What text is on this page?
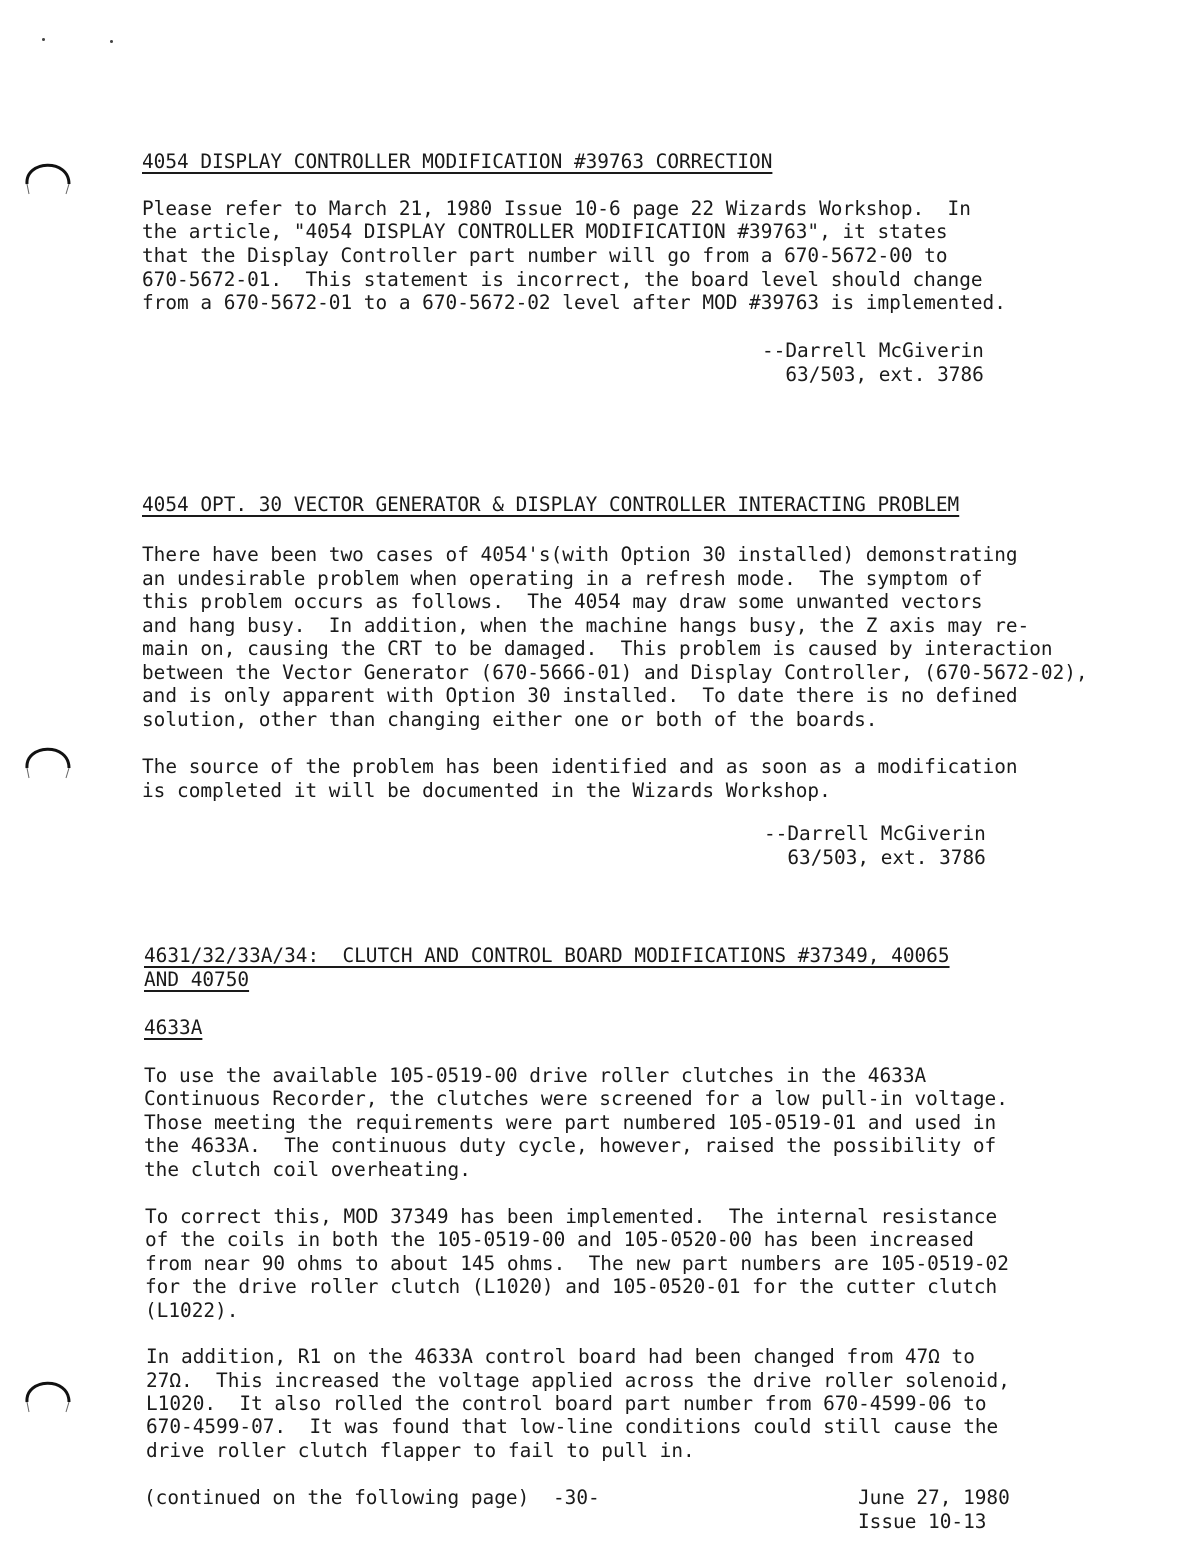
4054 DISPLAY CONTROLLER MODIFICATION #39763 CORRECTION
Please refer to March 21, 1980 Issue 10-6 page 22 Wizards Workshop.  In
the article, "4054 DISPLAY CONTROLLER MODIFICATION #39763", it states
that the Display Controller part number will go from a 670-5672-00 to
670-5672-01.  This statement is incorrect, the board level should change
from a 670-5672-01 to a 670-5672-02 level after MOD #39763 is implemented.
--Darrell McGiverin
63/503, ext. 3786
4054 OPT. 30 VECTOR GENERATOR & DISPLAY CONTROLLER INTERACTING PROBLEM
There have been two cases of 4054's(with Option 30 installed) demonstrating
an undesirable problem when operating in a refresh mode.  The symptom of
this problem occurs as follows.  The 4054 may draw some unwanted vectors
and hang busy.  In addition, when the machine hangs busy, the Z axis may re-
main on, causing the CRT to be damaged.  This problem is caused by interaction
between the Vector Generator (670-5666-01) and Display Controller, (670-5672-02),
and is only apparent with Option 30 installed.  To date there is no defined
solution, other than changing either one or both of the boards.
The source of the problem has been identified and as soon as a modification
is completed it will be documented in the Wizards Workshop.
--Darrell McGiverin
63/503, ext. 3786
4631/32/33A/34:  CLUTCH AND CONTROL BOARD MODIFICATIONS #37349, 40065
AND 40750
4633A
To use the available 105-0519-00 drive roller clutches in the 4633A
Continuous Recorder, the clutches were screened for a low pull-in voltage.
Those meeting the requirements were part numbered 105-0519-01 and used in
the 4633A.  The continuous duty cycle, however, raised the possibility of
the clutch coil overheating.
To correct this, MOD 37349 has been implemented.  The internal resistance
of the coils in both the 105-0519-00 and 105-0520-00 has been increased
from near 90 ohms to about 145 ohms.  The new part numbers are 105-0519-02
for the drive roller clutch (L1020) and 105-0520-01 for the cutter clutch
(L1022).
In addition, R1 on the 4633A control board had been changed from 47Ω to
27Ω.  This increased the voltage applied across the drive roller solenoid,
L1020.  It also rolled the control board part number from 670-4599-06 to
670-4599-07.  It was found that low-line conditions could still cause the
drive roller clutch flapper to fail to pull in.
(continued on the following page) -30-	June 27, 1980
Issue 10-13
